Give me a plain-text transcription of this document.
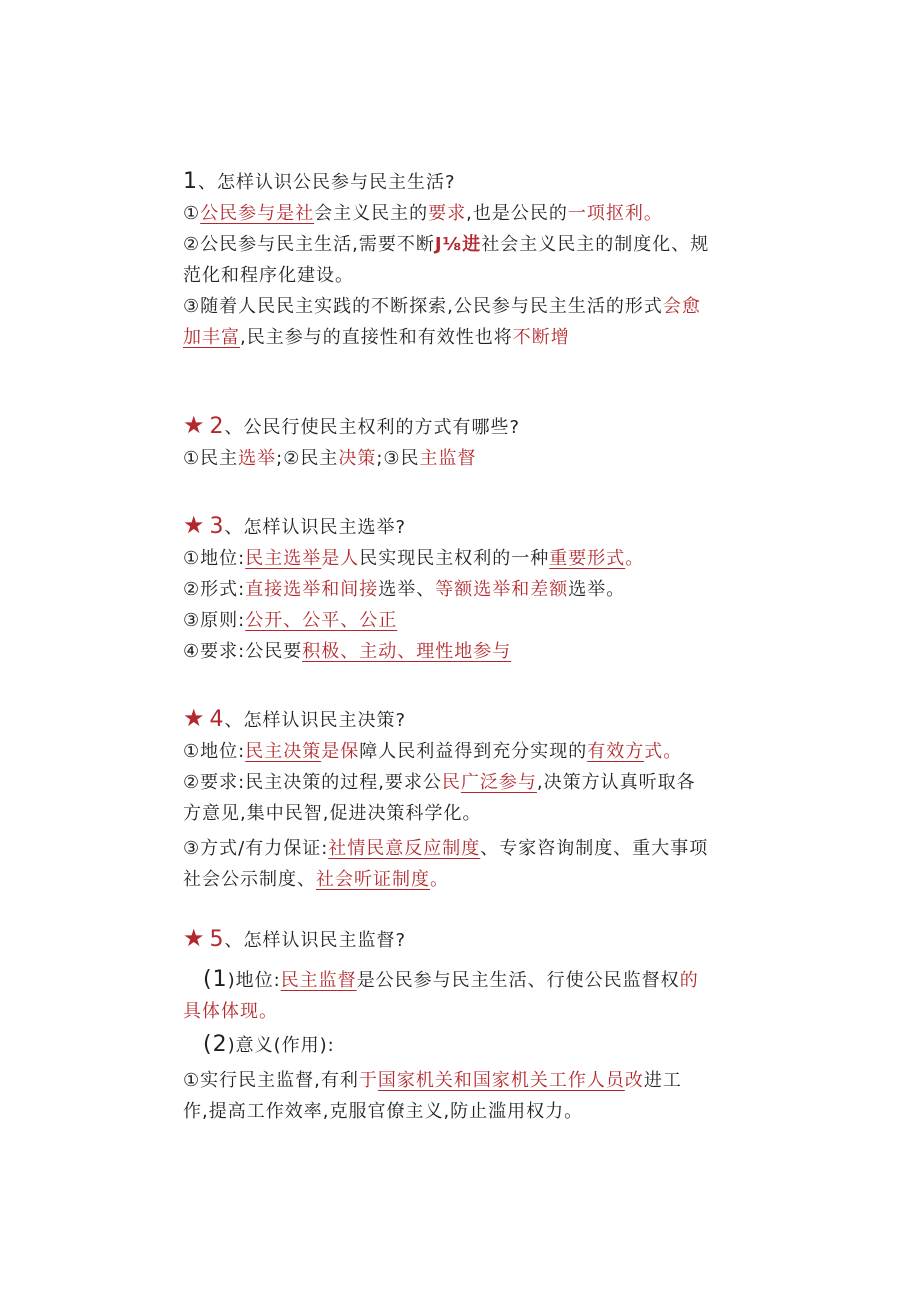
1、怎样认识公民参与民主生活?
①公民参与是社会主义民主的要求,也是公民的一项抠利。
②公民参与民主生活,需要不断J⅛进社会主义民主的制度化、规
范化和程序化建设。
③随着人民民主实践的不断探索,公民参与民主生活的形式会愈
加丰富,民主参与的直接性和有效性也将不断增
★ 2、公民行使民主权利的方式有哪些?
①民主选举;②民主决策;③民主监督
★ 3、怎样认识民主选举?
①地位:民主选举是人民实现民主权利的一种重要形式。
②形式:直接选举和间接选举、等额选举和差额选举。
③原则:公开、公平、公正
④要求:公民要积极、主动、理性地参与
★ 4、怎样认识民主决策?
①地位:民主决策是保障人民利益得到充分实现的有效方式。
②要求:民主决策的过程,要求公民广泛参与,决策方认真听取各
方意见,集中民智,促进决策科学化。
③方式/有力保证:社情民意反应制度、专家咨询制度、重大事项
社会公示制度、社会听证制度。
★ 5、怎样认识民主监督?
(1)地位:民主监督是公民参与民主生活、行使公民监督权的
具体体现。
(2)意义(作用):
①实行民主监督,有利于国家机关和国家机关工作人员改进工
作,提高工作效率,克服官僚主义,防止滥用权力。
